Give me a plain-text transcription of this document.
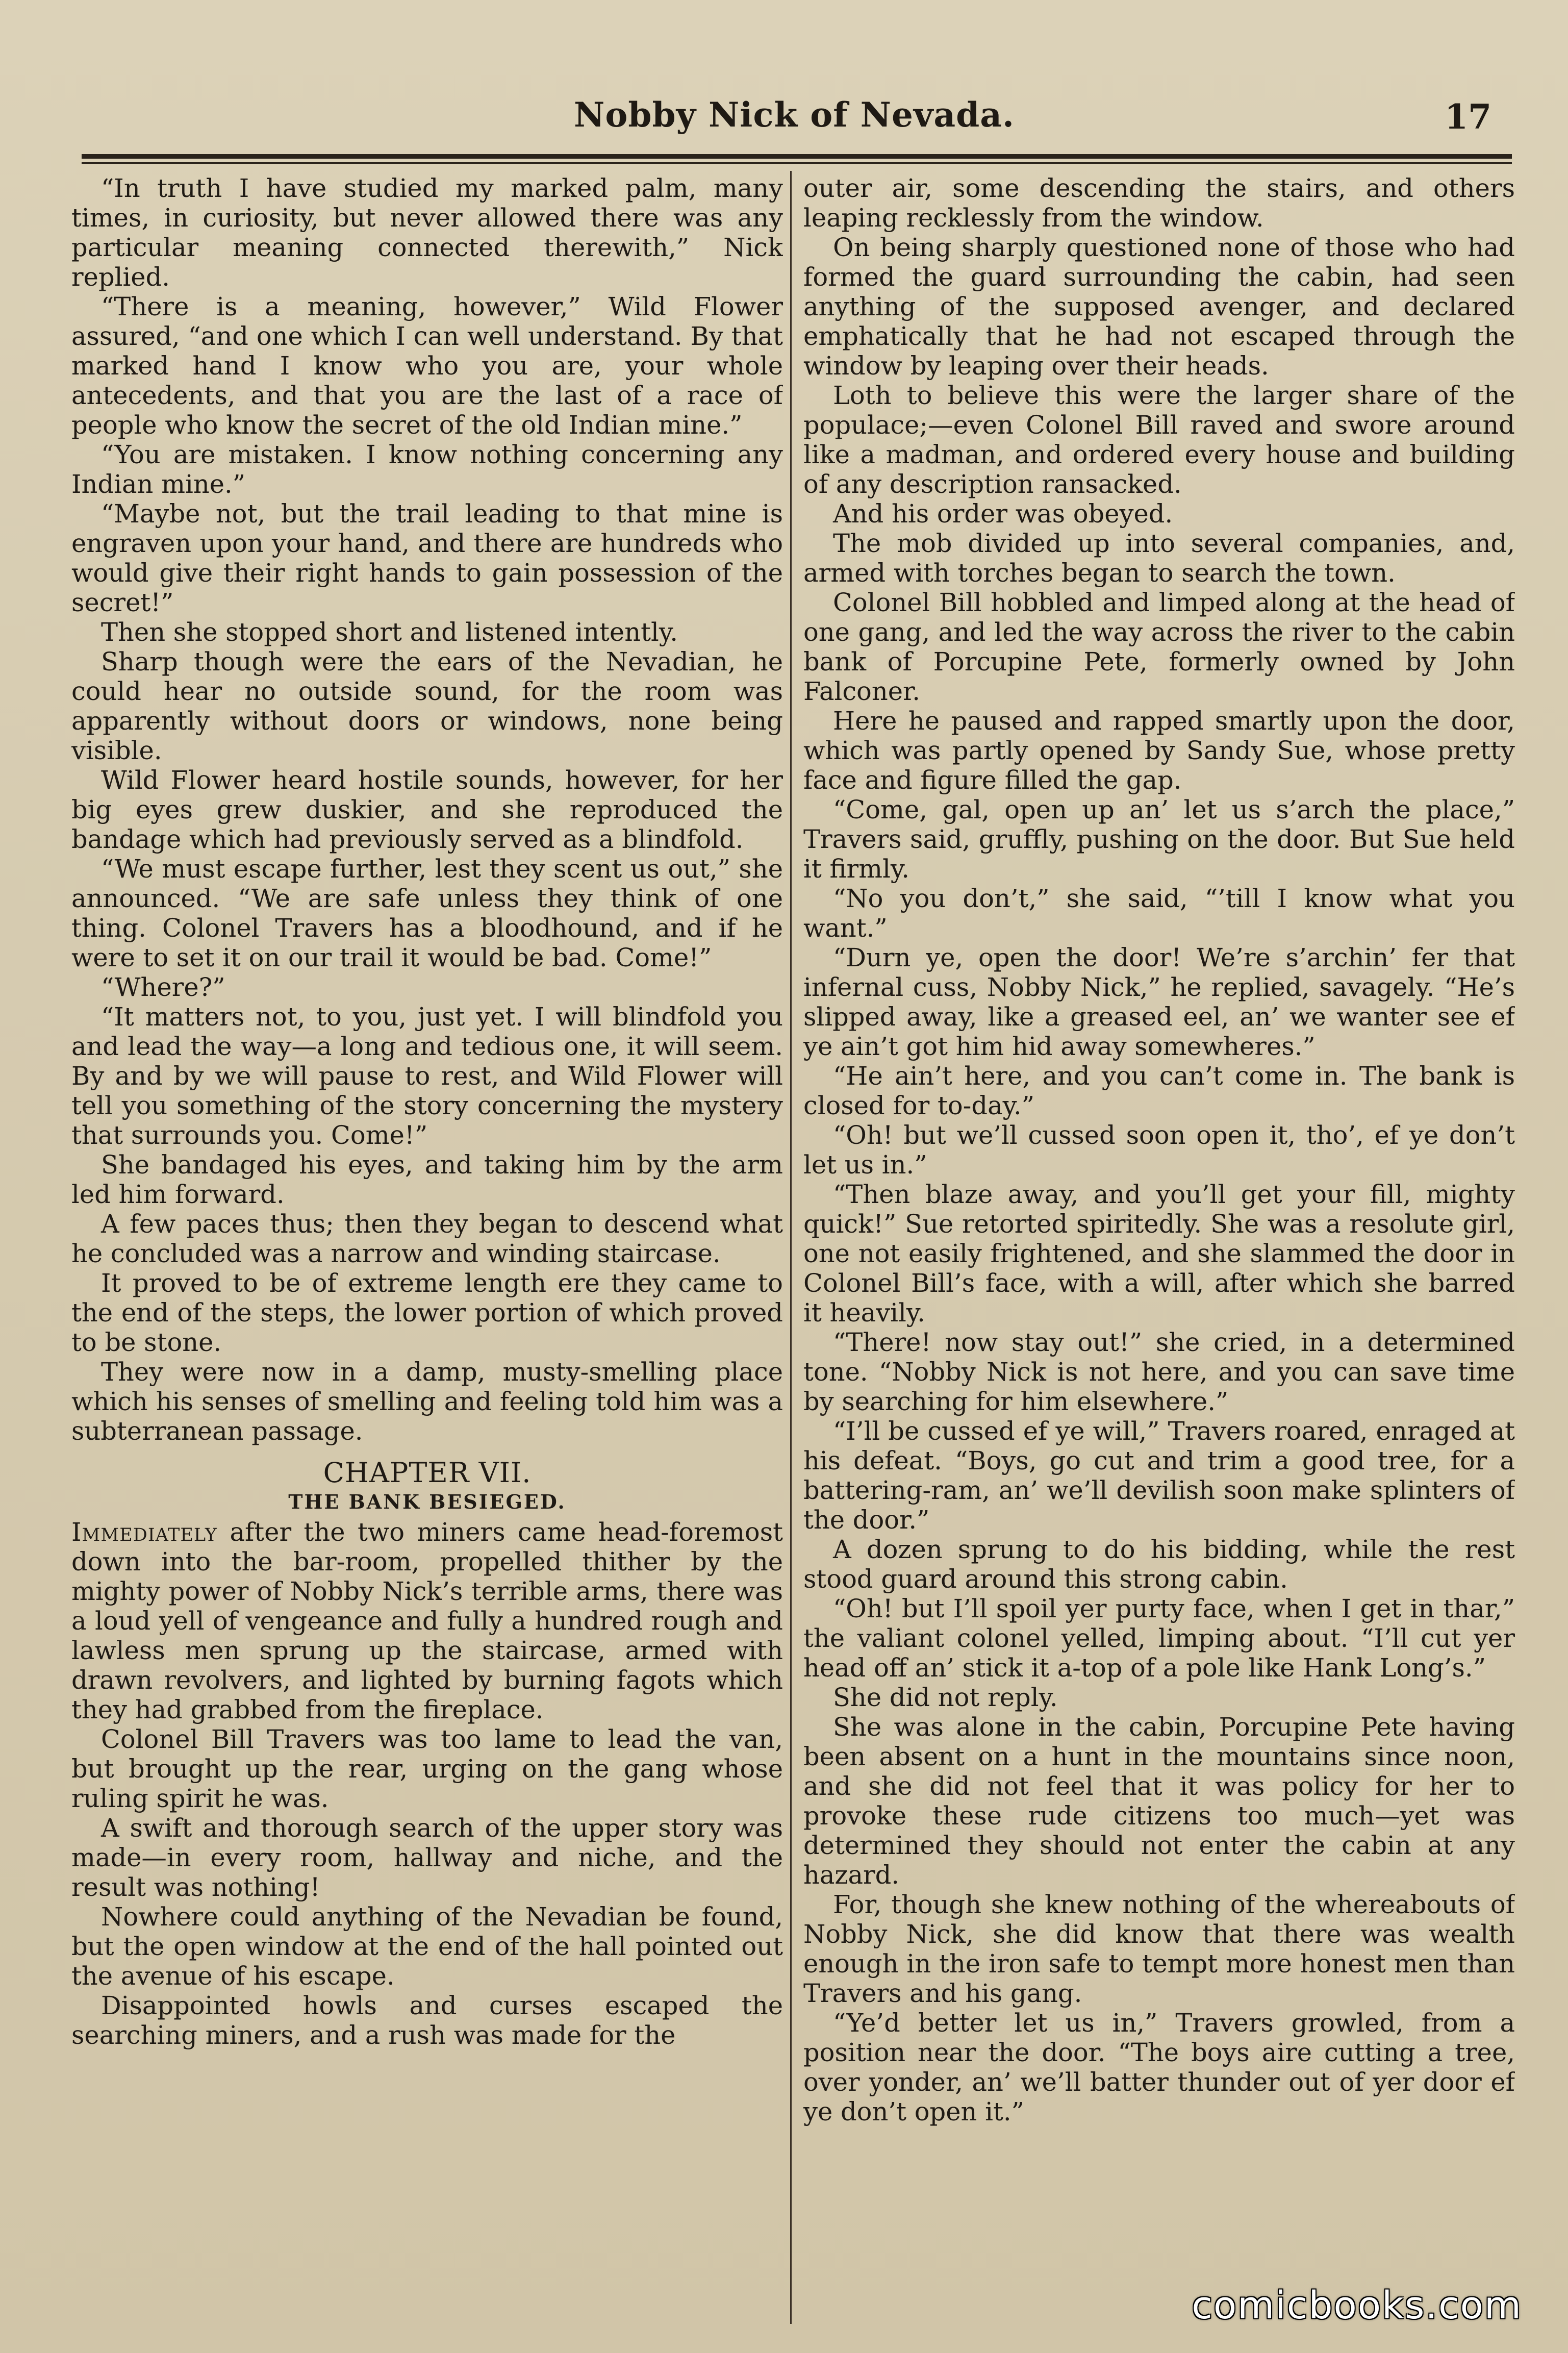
Nobby Nick of Nevada.	17

“In truth I have studied my marked palm, many times, in curiosity, but never allowed there was any particular meaning connected therewith,” Nick replied.

“There is a meaning, however,” Wild Flower assured, “and one which I can well understand. By that marked hand I know who you are, your whole antecedents, and that you are the last of a race of people who know the secret of the old Indian mine.”

“You are mistaken. I know nothing concerning any Indian mine.”

“Maybe not, but the trail leading to that mine is engraven upon your hand, and there are hundreds who would give their right hands to gain possession of the secret!”

Then she stopped short and listened intently.

Sharp though were the ears of the Nevadian, he could hear no outside sound, for the room was apparently without doors or windows, none being visible.

Wild Flower heard hostile sounds, however, for her big eyes grew duskier, and she reproduced the bandage which had previously served as a blindfold.

“We must escape further, lest they scent us out,” she announced. “We are safe unless they think of one thing. Colonel Travers has a bloodhound, and if he were to set it on our trail it would be bad. Come!”

“Where?”

“It matters not, to you, just yet. I will blindfold you and lead the way—a long and tedious one, it will seem. By and by we will pause to rest, and Wild Flower will tell you something of the story concerning the mystery that surrounds you. Come!”

She bandaged his eyes, and taking him by the arm led him forward.

A few paces thus; then they began to descend what he concluded was a narrow and winding staircase.

It proved to be of extreme length ere they came to the end of the steps, the lower portion of which proved to be stone.

They were now in a damp, musty-smelling place which his senses of smelling and feeling told him was a subterranean passage.

CHAPTER VII.
THE BANK BESIEGED.

Immediately after the two miners came head-foremost down into the bar-room, propelled thither by the mighty power of Nobby Nick’s terrible arms, there was a loud yell of vengeance and fully a hundred rough and lawless men sprung up the staircase, armed with drawn revolvers, and lighted by burning fagots which they had grabbed from the fireplace.

Colonel Bill Travers was too lame to lead the van, but brought up the rear, urging on the gang whose ruling spirit he was.

A swift and thorough search of the upper story was made—in every room, hallway and niche, and the result was nothing!

Nowhere could anything of the Nevadian be found, but the open window at the end of the hall pointed out the avenue of his escape.

Disappointed howls and curses escaped the searching miners, and a rush was made for the

outer air, some descending the stairs, and others leaping recklessly from the window.

On being sharply questioned none of those who had formed the guard surrounding the cabin, had seen anything of the supposed avenger, and declared emphatically that he had not escaped through the window by leaping over their heads.

Loth to believe this were the larger share of the populace;—even Colonel Bill raved and swore around like a madman, and ordered every house and building of any description ransacked.

And his order was obeyed.

The mob divided up into several companies, and, armed with torches began to search the town.

Colonel Bill hobbled and limped along at the head of one gang, and led the way across the river to the cabin bank of Porcupine Pete, formerly owned by John Falconer.

Here he paused and rapped smartly upon the door, which was partly opened by Sandy Sue, whose pretty face and figure filled the gap.

“Come, gal, open up an’ let us s’arch the place,” Travers said, gruffly, pushing on the door. But Sue held it firmly.

“No you don’t,” she said, “’till I know what you want.”

“Durn ye, open the door! We’re s’archin’ fer that infernal cuss, Nobby Nick,” he replied, savagely. “He’s slipped away, like a greased eel, an’ we wanter see ef ye ain’t got him hid away somewheres.”

“He ain’t here, and you can’t come in. The bank is closed for to-day.”

“Oh! but we’ll cussed soon open it, tho’, ef ye don’t let us in.”

“Then blaze away, and you’ll get your fill, mighty quick!” Sue retorted spiritedly. She was a resolute girl, one not easily frightened, and she slammed the door in Colonel Bill’s face, with a will, after which she barred it heavily.

“There! now stay out!” she cried, in a determined tone. “Nobby Nick is not here, and you can save time by searching for him elsewhere.”

“I’ll be cussed ef ye will,” Travers roared, enraged at his defeat. “Boys, go cut and trim a good tree, for a battering-ram, an’ we’ll devilish soon make splinters of the door.”

A dozen sprung to do his bidding, while the rest stood guard around this strong cabin.

“Oh! but I’ll spoil yer purty face, when I get in thar,” the valiant colonel yelled, limping about. “I’ll cut yer head off an’ stick it a-top of a pole like Hank Long’s.”

She did not reply.

She was alone in the cabin, Porcupine Pete having been absent on a hunt in the mountains since noon, and she did not feel that it was policy for her to provoke these rude citizens too much—yet was determined they should not enter the cabin at any hazard.

For, though she knew nothing of the whereabouts of Nobby Nick, she did know that there was wealth enough in the iron safe to tempt more honest men than Travers and his gang.

“Ye’d better let us in,” Travers growled, from a position near the door. “The boys aire cutting a tree, over yonder, an’ we’ll batter thunder out of yer door ef ye don’t open it.”

comicbooks.com
